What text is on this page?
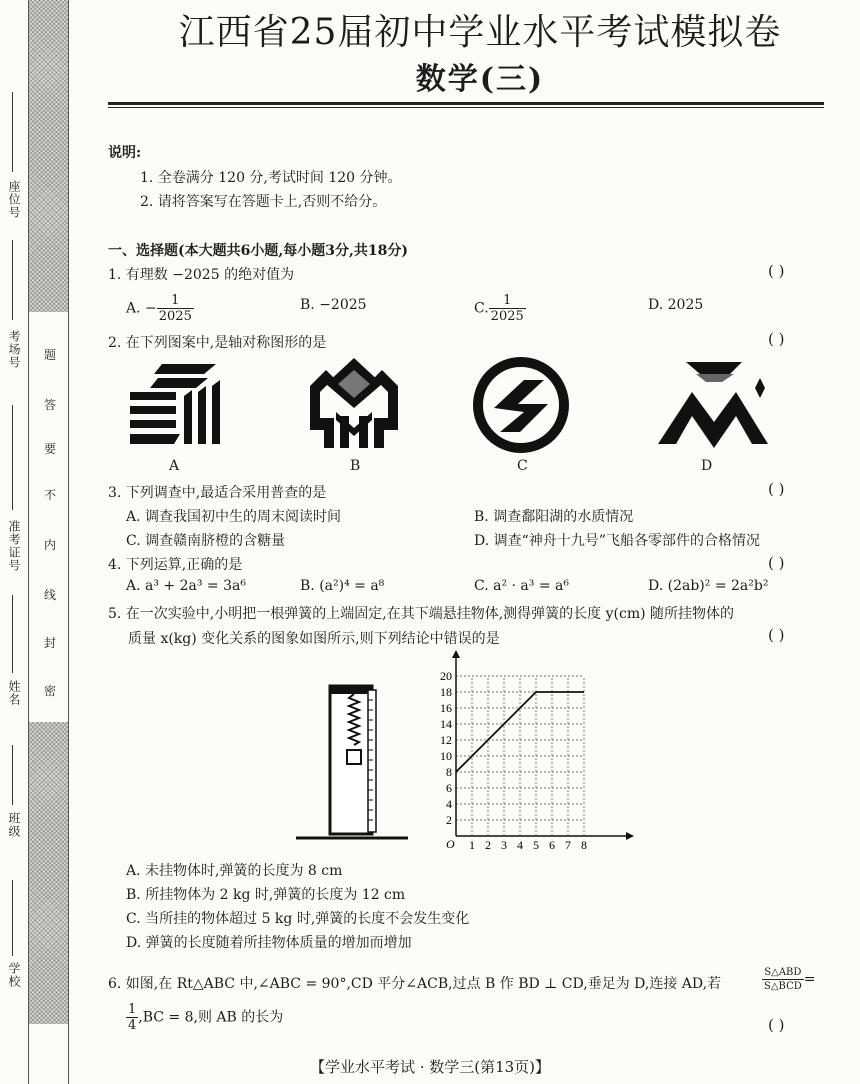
座位号
考场号
准考证号
姓名
班级
学校
题
答
要
不
内
线
封
密
江西省25届初中学业水平考试模拟卷
数学(三)
说明:
1. 全卷满分 120 分,考试时间 120 分钟。
2. 请将答案写在答题卡上,否则不给分。
一、选择题(本大题共6小题,每小题3分,共18分)
1. 有理数 −2025 的绝对值为	( )
A. − $\frac{1}{2025}$	B. −2025	C. $\frac{1}{2025}$	D. 2025
2. 在下列图案中,是轴对称图形的是	( )
A	B	C	D
3. 下列调查中,最适合采用普查的是	( )
A. 调查我国初中生的周末阅读时间	B. 调查鄱阳湖的水质情况
C. 调查赣南脐橙的含糖量	D. 调查“神舟十九号”飞船各零部件的合格情况
4. 下列运算,正确的是	( )
A. a³ + 2a³ = 3a⁶	B. (a²)⁴ = a⁸	C. a² · a³ = a⁶	D. (2ab)² = 2a²b²
5. 在一次实验中,小明把一根弹簧的上端固定,在其下端悬挂物体,测得弹簧的长度 y(cm) 随所挂物体的
质量 x(kg) 变化关系的图象如图所示,则下列结论中错误的是	( )
O 1 2 3 4 5 6 7 8
2
4
6
8
10
12
14
16
18
20
A. 未挂物体时,弹簧的长度为 8 cm
B. 所挂物体为 2 kg 时,弹簧的长度为 12 cm
C. 当所挂的物体超过 5 kg 时,弹簧的长度不会发生变化
D. 弹簧的长度随着所挂物体质量的增加而增加
6. 如图,在 Rt△ABC 中,∠ABC = 90°,CD 平分∠ACB,过点 B 作 BD ⊥ CD,垂足为 D,连接 AD,若	$\frac{\text{S△ABD}}{\text{S△BCD}}$ =
$\frac{1}{4} ,BC = 8$,则 AB 的长为	( )
【学业水平考试 · 数学三(第13页)】
